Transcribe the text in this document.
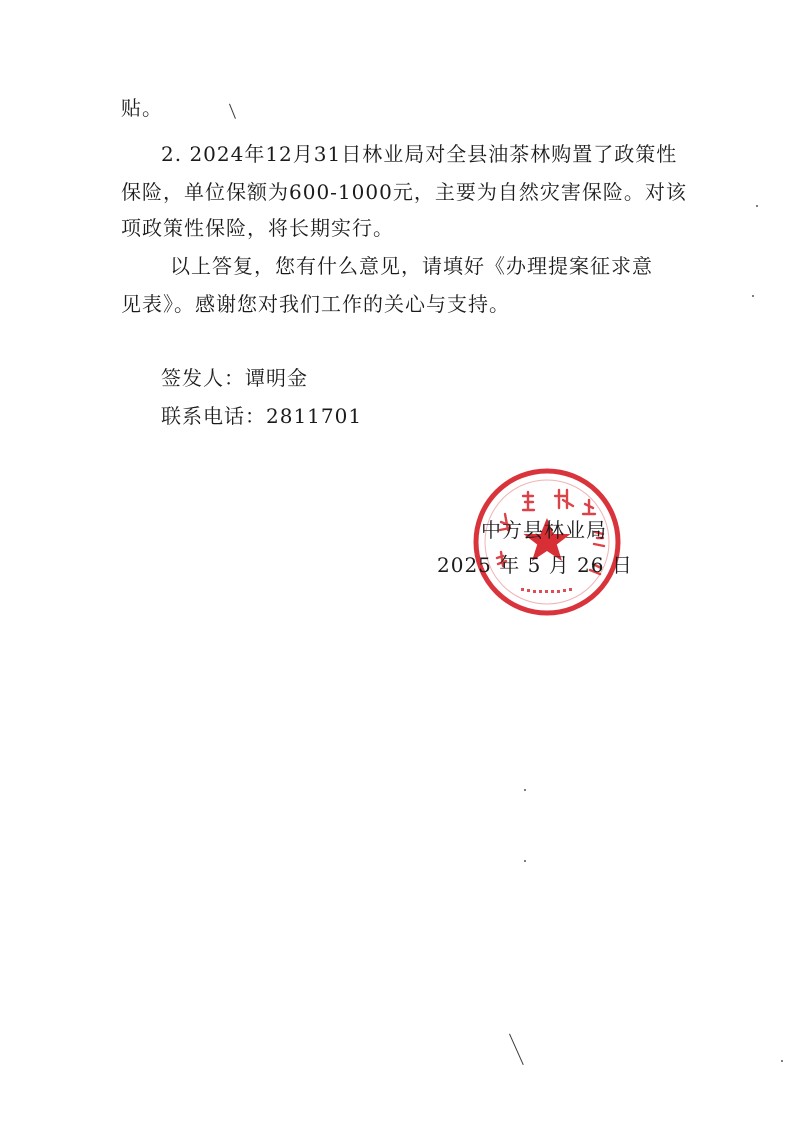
贴。
2. 2024年12月31日林业局对全县油茶林购置了政策性
保险，单位保额为600-1000元，主要为自然灾害保险。对该
项政策性保险，将长期实行。
以上答复，您有什么意见，请填好《办理提案征求意
见表》。感谢您对我们工作的关心与支持。
签发人：谭明金
联系电话：2811701
中方县林业局
2025 年 5 月 26 日
